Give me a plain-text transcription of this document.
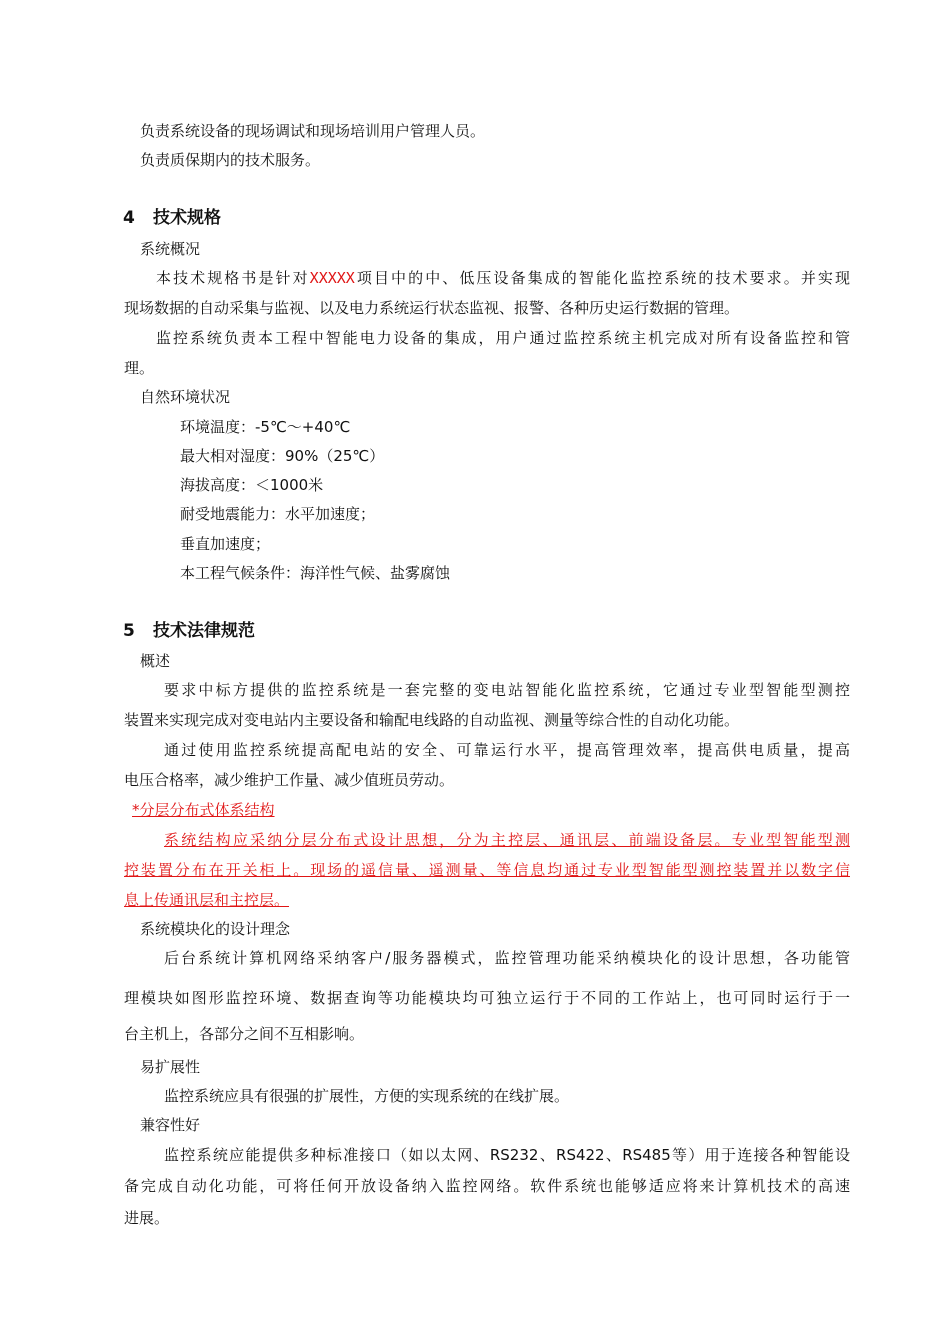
负责系统设备的现场调试和现场培训用户管理人员。
负责质保期内的技术服务。
4 技术规格
系统概况
本技术规格书是针对XXXXX项目中的中、低压设备集成的智能化监控系统的技术要求。并实现
现场数据的自动采集与监视、以及电力系统运行状态监视、报警、各种历史运行数据的管理。
监控系统负责本工程中智能电力设备的集成，用户通过监控系统主机完成对所有设备监控和管
理。
自然环境状况
环境温度：-5℃～+40℃
最大相对湿度：90%（25℃）
海拔高度：＜1000米
耐受地震能力：水平加速度；
垂直加速度；
本工程气候条件：海洋性气候、盐雾腐蚀
5 技术法律规范
概述
要求中标方提供的监控系统是一套完整的变电站智能化监控系统，它通过专业型智能型测控
装置来实现完成对变电站内主要设备和输配电线路的自动监视、测量等综合性的自动化功能。
通过使用监控系统提高配电站的安全、可靠运行水平，提高管理效率，提高供电质量，提高
电压合格率，减少维护工作量、减少值班员劳动。
*分层分布式体系结构
系统结构应采纳分层分布式设计思想，分为主控层、通讯层、前端设备层。专业型智能型测
控装置分布在开关柜上。现场的遥信量、遥测量、等信息均通过专业型智能型测控装置并以数字信
息上传通讯层和主控层。
系统模块化的设计理念
后台系统计算机网络采纳客户/服务器模式，监控管理功能采纳模块化的设计思想，各功能管
理模块如图形监控环境、数据查询等功能模块均可独立运行于不同的工作站上，也可同时运行于一
台主机上，各部分之间不互相影响。
易扩展性
监控系统应具有很强的扩展性，方便的实现系统的在线扩展。
兼容性好
监控系统应能提供多种标准接口（如以太网、RS232、RS422、RS485等）用于连接各种智能设
备完成自动化功能，可将任何开放设备纳入监控网络。软件系统也能够适应将来计算机技术的高速
进展。
